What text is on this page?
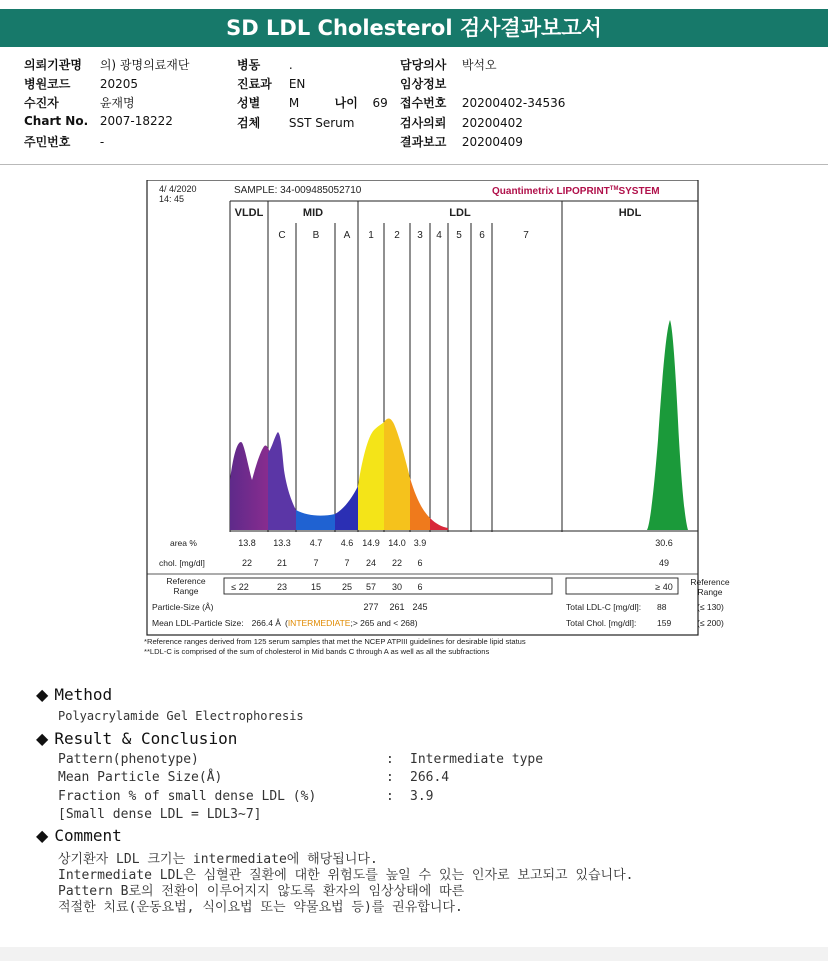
SD LDL Cholesterol 검사결과보고서
의뢰기관명 의) 광명의료재단
병원코드 20205
수진자	윤재명
Chart No. 2007-18222
주민번호 -
병동 .
진료과 EN
성별 M	나이 69
검체 SST Serum
담당의사 박석오
임상정보
접수번호 20200402-34536
검사의뢰 20200402
결과보고 20200409
4/ 4/2020
14: 45
SAMPLE: 34-009485052710	Quantimetrix LIPOPRINT™SYSTEM
VLDL	MID	LDL	HDL
C	B A 1 2 3 4 5 6	7
area %	13.8 13.3 4.7 4.6 14.9 14.0 3.9	30.6
chol. [mg/dl]	22	21	7	7 24 22 6	49
Reference
Range	≤ 22	23	15 25 57 30 6	≥ 40 Reference
Range
Particle-Size (Å)	277 261 245	Total LDL-C [mg/dl]: 88	(≤ 130)
Mean LDL-Particle Size: 266.4 Å (INTERMEDIATE;> 265 and < 268)	Total Chol. [mg/dl]: 159	(≤ 200)
*Reference ranges derived from 125 serum samples that met the NCEP ATPIII guidelines for desirable lipid status
**LDL-C is comprised of the sum of cholesterol in Mid bands C through A as well as all the subfractions
◆ Method
Polyacrylamide Gel Electrophoresis
◆ Result & Conclusion
Pattern(phenotype)	: Intermediate type
Mean Particle Size(Å)	: 266.4
Fraction % of small dense LDL (%)	: 3.9
[Small dense LDL = LDL3~7]
◆ Comment
상기환자 LDL 크기는 intermediate에 해당됩니다.
Intermediate LDL은 심혈관 질환에 대한 위험도를 높일 수 있는 인자로 보고되고 있습니다.
Pattern B로의 전환이 이루어지지 않도록 환자의 임상상태에 따른
적절한 치료(운동요법, 식이요법 또는 약물요법 등)를 권유합니다.
